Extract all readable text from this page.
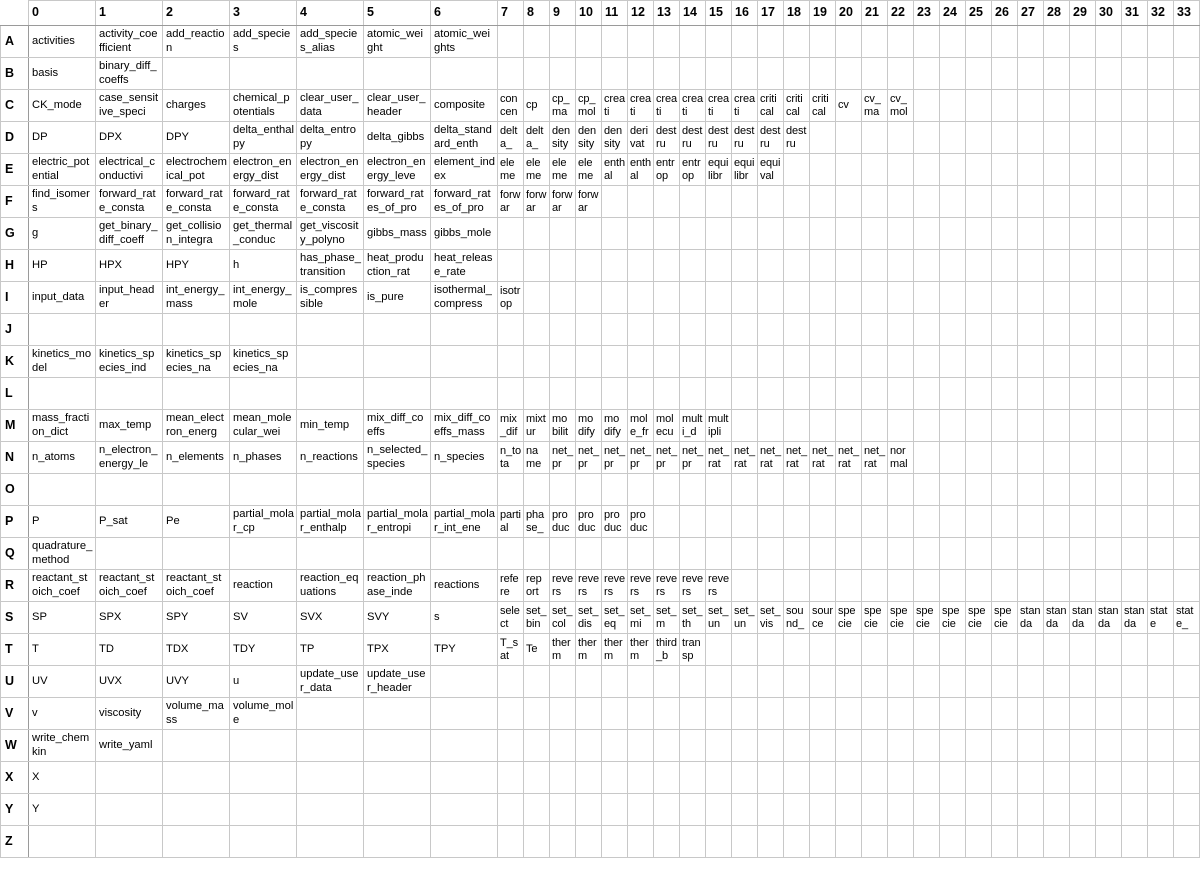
	0	1	2	3	4	5	6	7	8	9	10	11	12	13	14	15	16	17	18	19	20	21	22	23	24	25	26	27	28	29	30	31	32	33
A	activities	activity_coefficient	add_reaction	add_species	add_species_alias	atomic_weight	atomic_weights																											
B	basis	binary_diff_coeffs																																
C	CK_mode	case_sensitive_speci	charges	chemical_potentials	clear_user_data	clear_user_header	composite	concen	cp	cp_ma	cp_mol	creati	creati	creati	creati	creati	creati	critical	critical	critical	cv	cv_ma	cv_mol											
D	DP	DPX	DPY	delta_enthalpy	delta_entropy	delta_gibbs	delta_standard_enth	delta_	delta_	density	density	density	derivat	destru	destru	destru	destru	destru	destru															
E	electric_potential	electrical_conductivi	electrochemical_pot	electron_energy_dist	electron_energy_dist	electron_energy_leve	element_index	eleme	eleme	eleme	eleme	enthal	enthal	entrop	entrop	equilibr	equilibr	equival																
F	find_isomers	forward_rate_consta	forward_rate_consta	forward_rate_consta	forward_rate_consta	forward_rates_of_pro	forward_rates_of_pro	forwar	forwar	forwar	forwar																							
G	g	get_binary_diff_coeff	get_collision_integra	get_thermal_conduc	get_viscosity_polyno	gibbs_mass	gibbs_mole																											
H	HP	HPX	HPY	h	has_phase_transition	heat_production_rat	heat_release_rate																											
I	input_data	input_header	int_energy_mass	int_energy_mole	is_compressible	is_pure	isothermal_compress	isotrop																										
J																																		
K	kinetics_model	kinetics_species_ind	kinetics_species_na	kinetics_species_na																														
L																																		
M	mass_fraction_dict	max_temp	mean_electron_energ	mean_molecular_wei	min_temp	mix_diff_coeffs	mix_diff_coeffs_mass	mix_dif	mixtur	mobilit	modify	modify	mole_fr	molecu	multi_d	multipli																		
N	n_atoms	n_electron_energy_le	n_elements	n_phases	n_reactions	n_selected_species	n_species	n_tota	name	net_pr	net_pr	net_pr	net_pr	net_pr	net_pr	net_rat	net_rat	net_rat	net_rat	net_rat	net_rat	net_rat	normal											
O																																		
P	P	P_sat	Pe	partial_molar_cp	partial_molar_enthalp	partial_molar_entropi	partial_molar_int_ene	partial	phase_	produc	produc	produc	produc																					
Q	quadrature_method																																	
R	reactant_stoich_coef	reactant_stoich_coef	reactant_stoich_coef	reaction	reaction_equations	reaction_phase_inde	reactions	refere	report	revers	revers	revers	revers	revers	revers	revers																		
S	SP	SPX	SPY	SV	SVX	SVY	s	select	set_bin	set_col	set_dis	set_eq	set_mi	set_m	set_th	set_un	set_un	set_vis	sound_	source	specie	specie	specie	specie	specie	specie	specie	standa	standa	standa	standa	standa	state	state_
T	T	TD	TDX	TDY	TP	TPX	TPY	T_sat	Te	therm	therm	therm	therm	third_b	transp																			
U	UV	UVX	UVY	u	update_user_data	update_user_header																												
V	v	viscosity	volume_mass	volume_mole																														
W	write_chemkin	write_yaml																																
X	X																																	
Y	Y																																	
Z																																		
